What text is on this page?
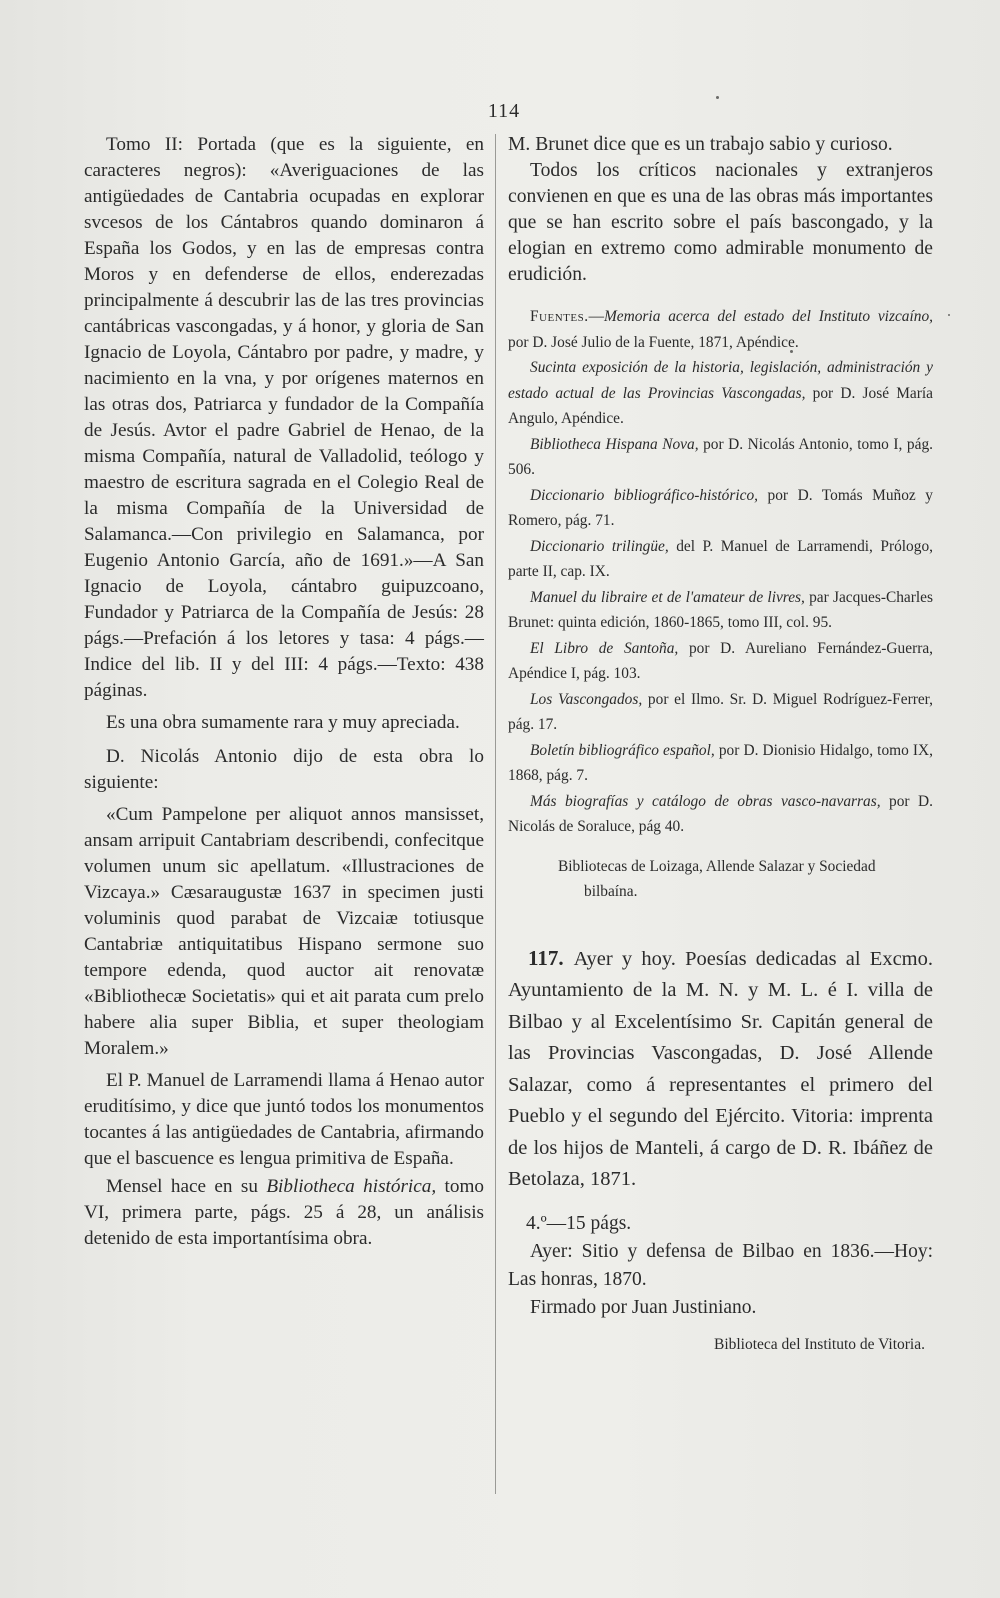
114

Tomo II: Portada (que es la siguiente, en caracteres negros): «Averiguaciones de las antigüedades de Cantabria ocupadas en explorar svcesos de los Cántabros quando dominaron á España los Godos, y en las de empresas contra Moros y en defenderse de ellos, enderezadas principalmente á descubrir las de las tres provincias cantábricas vascongadas, y á honor, y gloria de San Ignacio de Loyola, Cántabro por padre, y madre, y nacimiento en la vna, y por orígenes maternos en las otras dos, Patriarca y fundador de la Compañía de Jesús. Avtor el padre Gabriel de Henao, de la misma Compañía, natural de Valladolid, teólogo y maestro de escritura sagrada en el Colegio Real de la misma Compañía de la Universidad de Salamanca.—Con privilegio en Salamanca, por Eugenio Antonio García, año de 1691.»—A San Ignacio de Loyola, cántabro guipuzcoano, Fundador y Patriarca de la Compañía de Jesús: 28 págs.—Prefación á los letores y tasa: 4 págs.—Indice del lib. II y del III: 4 págs.—Texto: 438 páginas.

Es una obra sumamente rara y muy apreciada.

D. Nicolás Antonio dijo de esta obra lo siguiente:

«Cum Pampelone per aliquot annos mansisset, ansam arripuit Cantabriam describendi, confecitque volumen unum sic apellatum. «Illustraciones de Vizcaya.» Cæsaraugustæ 1637 in specimen justi voluminis quod parabat de Vizcaiæ totiusque Cantabriæ antiquitatibus Hispano sermone suo tempore edenda, quod auctor ait renovatæ «Bibliothecæ Societatis» qui et ait parata cum prelo habere alia super Biblia, et super theologiam Moralem.»

El P. Manuel de Larramendi llama á Henao autor eruditísimo, y dice que juntó todos los monumentos tocantes á las antigüedades de Cantabria, afirmando que el bascuence es lengua primitiva de España.

Mensel hace en su Bibliotheca histórica, tomo VI, primera parte, págs. 25 á 28, un análisis detenido de esta importantísima obra.

M. Brunet dice que es un trabajo sabio y curioso.

Todos los críticos nacionales y extranjeros convienen en que es una de las obras más importantes que se han escrito sobre el país bascongado, y la elogian en extremo como admirable monumento de erudición.

Fuentes.—Memoria acerca del estado del Instituto vizcaíno, por D. José Julio de la Fuente, 1871, Apéndice.

Sucinta exposición de la historia, legislación, administración y estado actual de las Provincias Vascongadas, por D. José María Angulo, Apéndice.

Bibliotheca Hispana Nova, por D. Nicolás Antonio, tomo I, pág. 506.

Diccionario bibliográfico-histórico, por D. Tomás Muñoz y Romero, pág. 71.

Diccionario trilingüe, del P. Manuel de Larramendi, Prólogo, parte II, cap. IX.

Manuel du libraire et de l'amateur de livres, par Jacques-Charles Brunet: quinta edición, 1860-1865, tomo III, col. 95.

El Libro de Santoña, por D. Aureliano Fernández-Guerra, Apéndice I, pág. 103.

Los Vascongados, por el Ilmo. Sr. D. Miguel Rodríguez-Ferrer, pág. 17.

Boletín bibliográfico español, por D. Dionisio Hidalgo, tomo IX, 1868, pág. 7.

Más biografías y catálogo de obras vasco-navarras, por D. Nicolás de Soraluce, pág 40.

Bibliotecas de Loizaga, Allende Salazar y Sociedad bilbaína.

117. Ayer y hoy. Poesías dedicadas al Excmo. Ayuntamiento de la M. N. y M. L. é I. villa de Bilbao y al Excelentísimo Sr. Capitán general de las Provincias Vascongadas, D. José Allende Salazar, como á representantes el primero del Pueblo y el segundo del Ejército. Vitoria: imprenta de los hijos de Manteli, á cargo de D. R. Ibáñez de Betolaza, 1871.

4.º—15 págs.

Ayer: Sitio y defensa de Bilbao en 1836.—Hoy: Las honras, 1870.

Firmado por Juan Justiniano.

Biblioteca del Instituto de Vitoria.
